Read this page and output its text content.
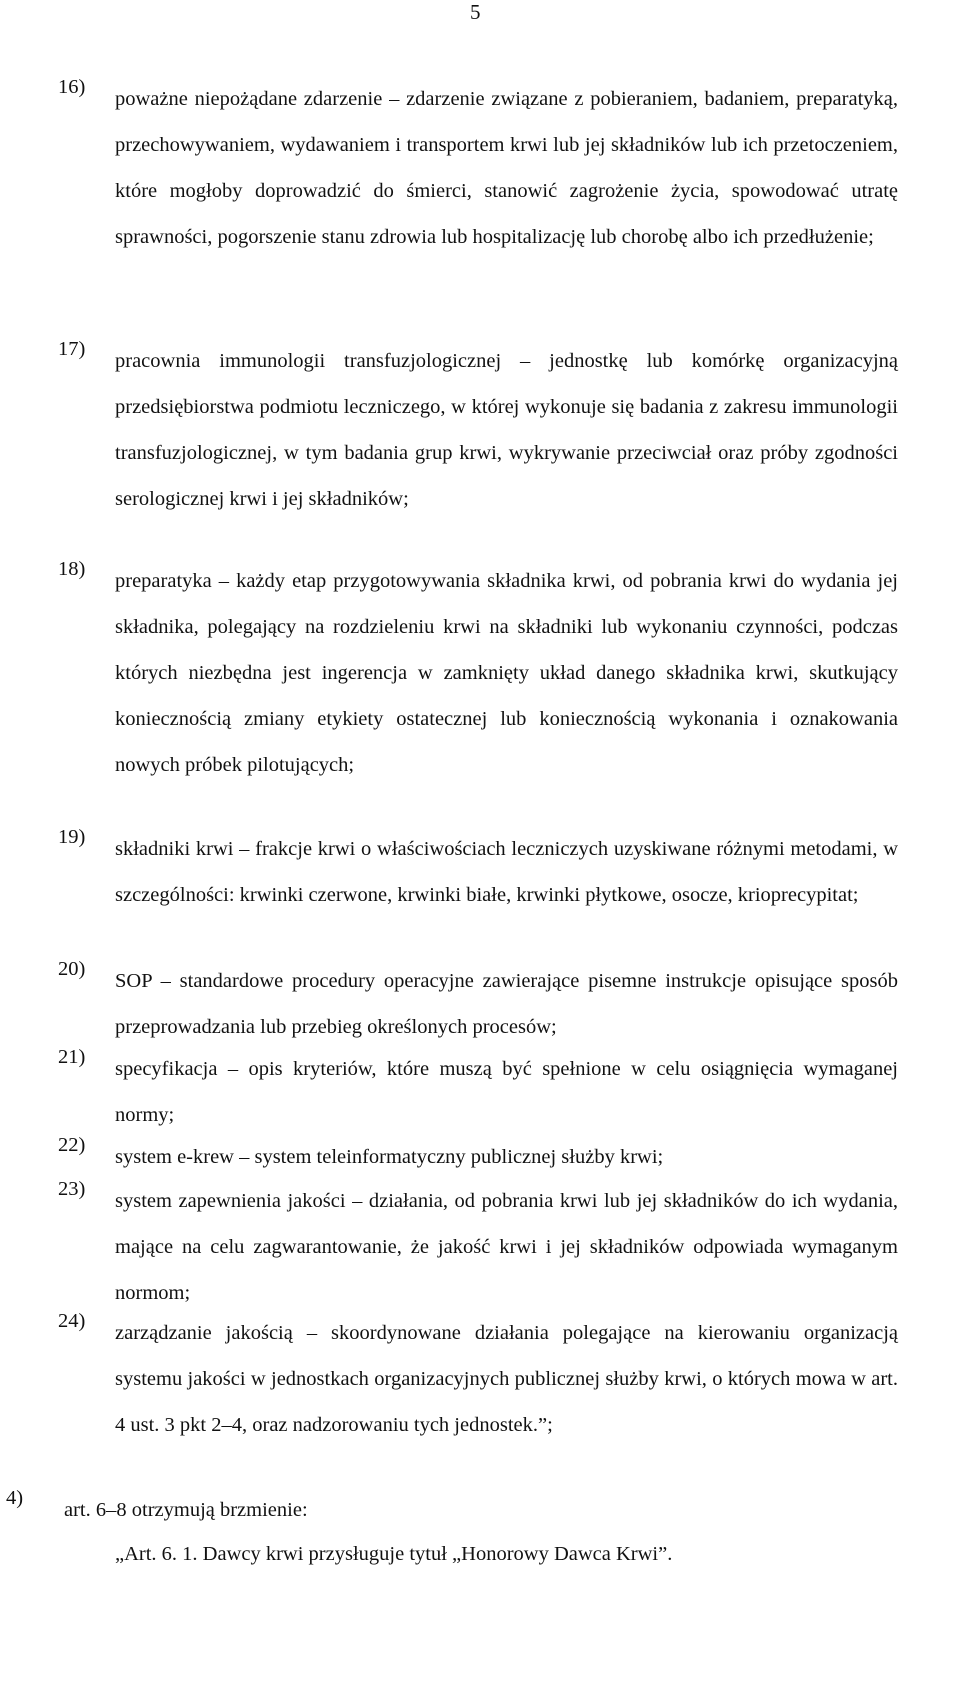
5
16)
poważne niepożądane zdarzenie – zdarzenie związane z pobieraniem, badaniem, preparatyką, przechowywaniem, wydawaniem i transportem krwi lub jej składników lub ich przetoczeniem, które mogłoby doprowadzić do śmierci, stanowić zagrożenie życia, spowodować utratę sprawności, pogorszenie stanu zdrowia lub hospitalizację lub chorobę albo ich przedłużenie;
17)
pracownia immunologii transfuzjologicznej – jednostkę lub komórkę organizacyjną przedsiębiorstwa podmiotu leczniczego, w której wykonuje się badania z zakresu immunologii transfuzjologicznej, w tym badania grup krwi, wykrywanie przeciwciał oraz próby zgodności serologicznej krwi i jej składników;
18)
preparatyka – każdy etap przygotowywania składnika krwi, od pobrania krwi do wydania jej składnika, polegający na rozdzieleniu krwi na składniki lub wykonaniu czynności, podczas których niezbędna jest ingerencja w zamknięty układ danego składnika krwi, skutkujący koniecznością zmiany etykiety ostatecznej lub koniecznością wykonania i oznakowania nowych próbek pilotujących;
19)
składniki krwi – frakcje krwi o właściwościach leczniczych uzyskiwane różnymi metodami, w szczególności: krwinki czerwone, krwinki białe, krwinki płytkowe, osocze, krioprecypitat;
20)
SOP – standardowe procedury operacyjne zawierające pisemne instrukcje opisujące sposób przeprowadzania lub przebieg określonych procesów;
21)
specyfikacja – opis kryteriów, które muszą być spełnione w celu osiągnięcia wymaganej normy;
22)
system e-krew – system teleinformatyczny publicznej służby krwi;
23)
system zapewnienia jakości – działania, od pobrania krwi lub jej składników do ich wydania, mające na celu zagwarantowanie, że jakość krwi i jej składników odpowiada wymaganym normom;
24)
zarządzanie jakością – skoordynowane działania polegające na kierowaniu organizacją systemu jakości w jednostkach organizacyjnych publicznej służby krwi, o których mowa w art. 4 ust. 3 pkt 2–4, oraz nadzorowaniu tych jednostek.”;
4)
art. 6–8 otrzymują brzmienie:
„Art. 6. 1. Dawcy krwi przysługuje tytuł „Honorowy Dawca Krwi”.
